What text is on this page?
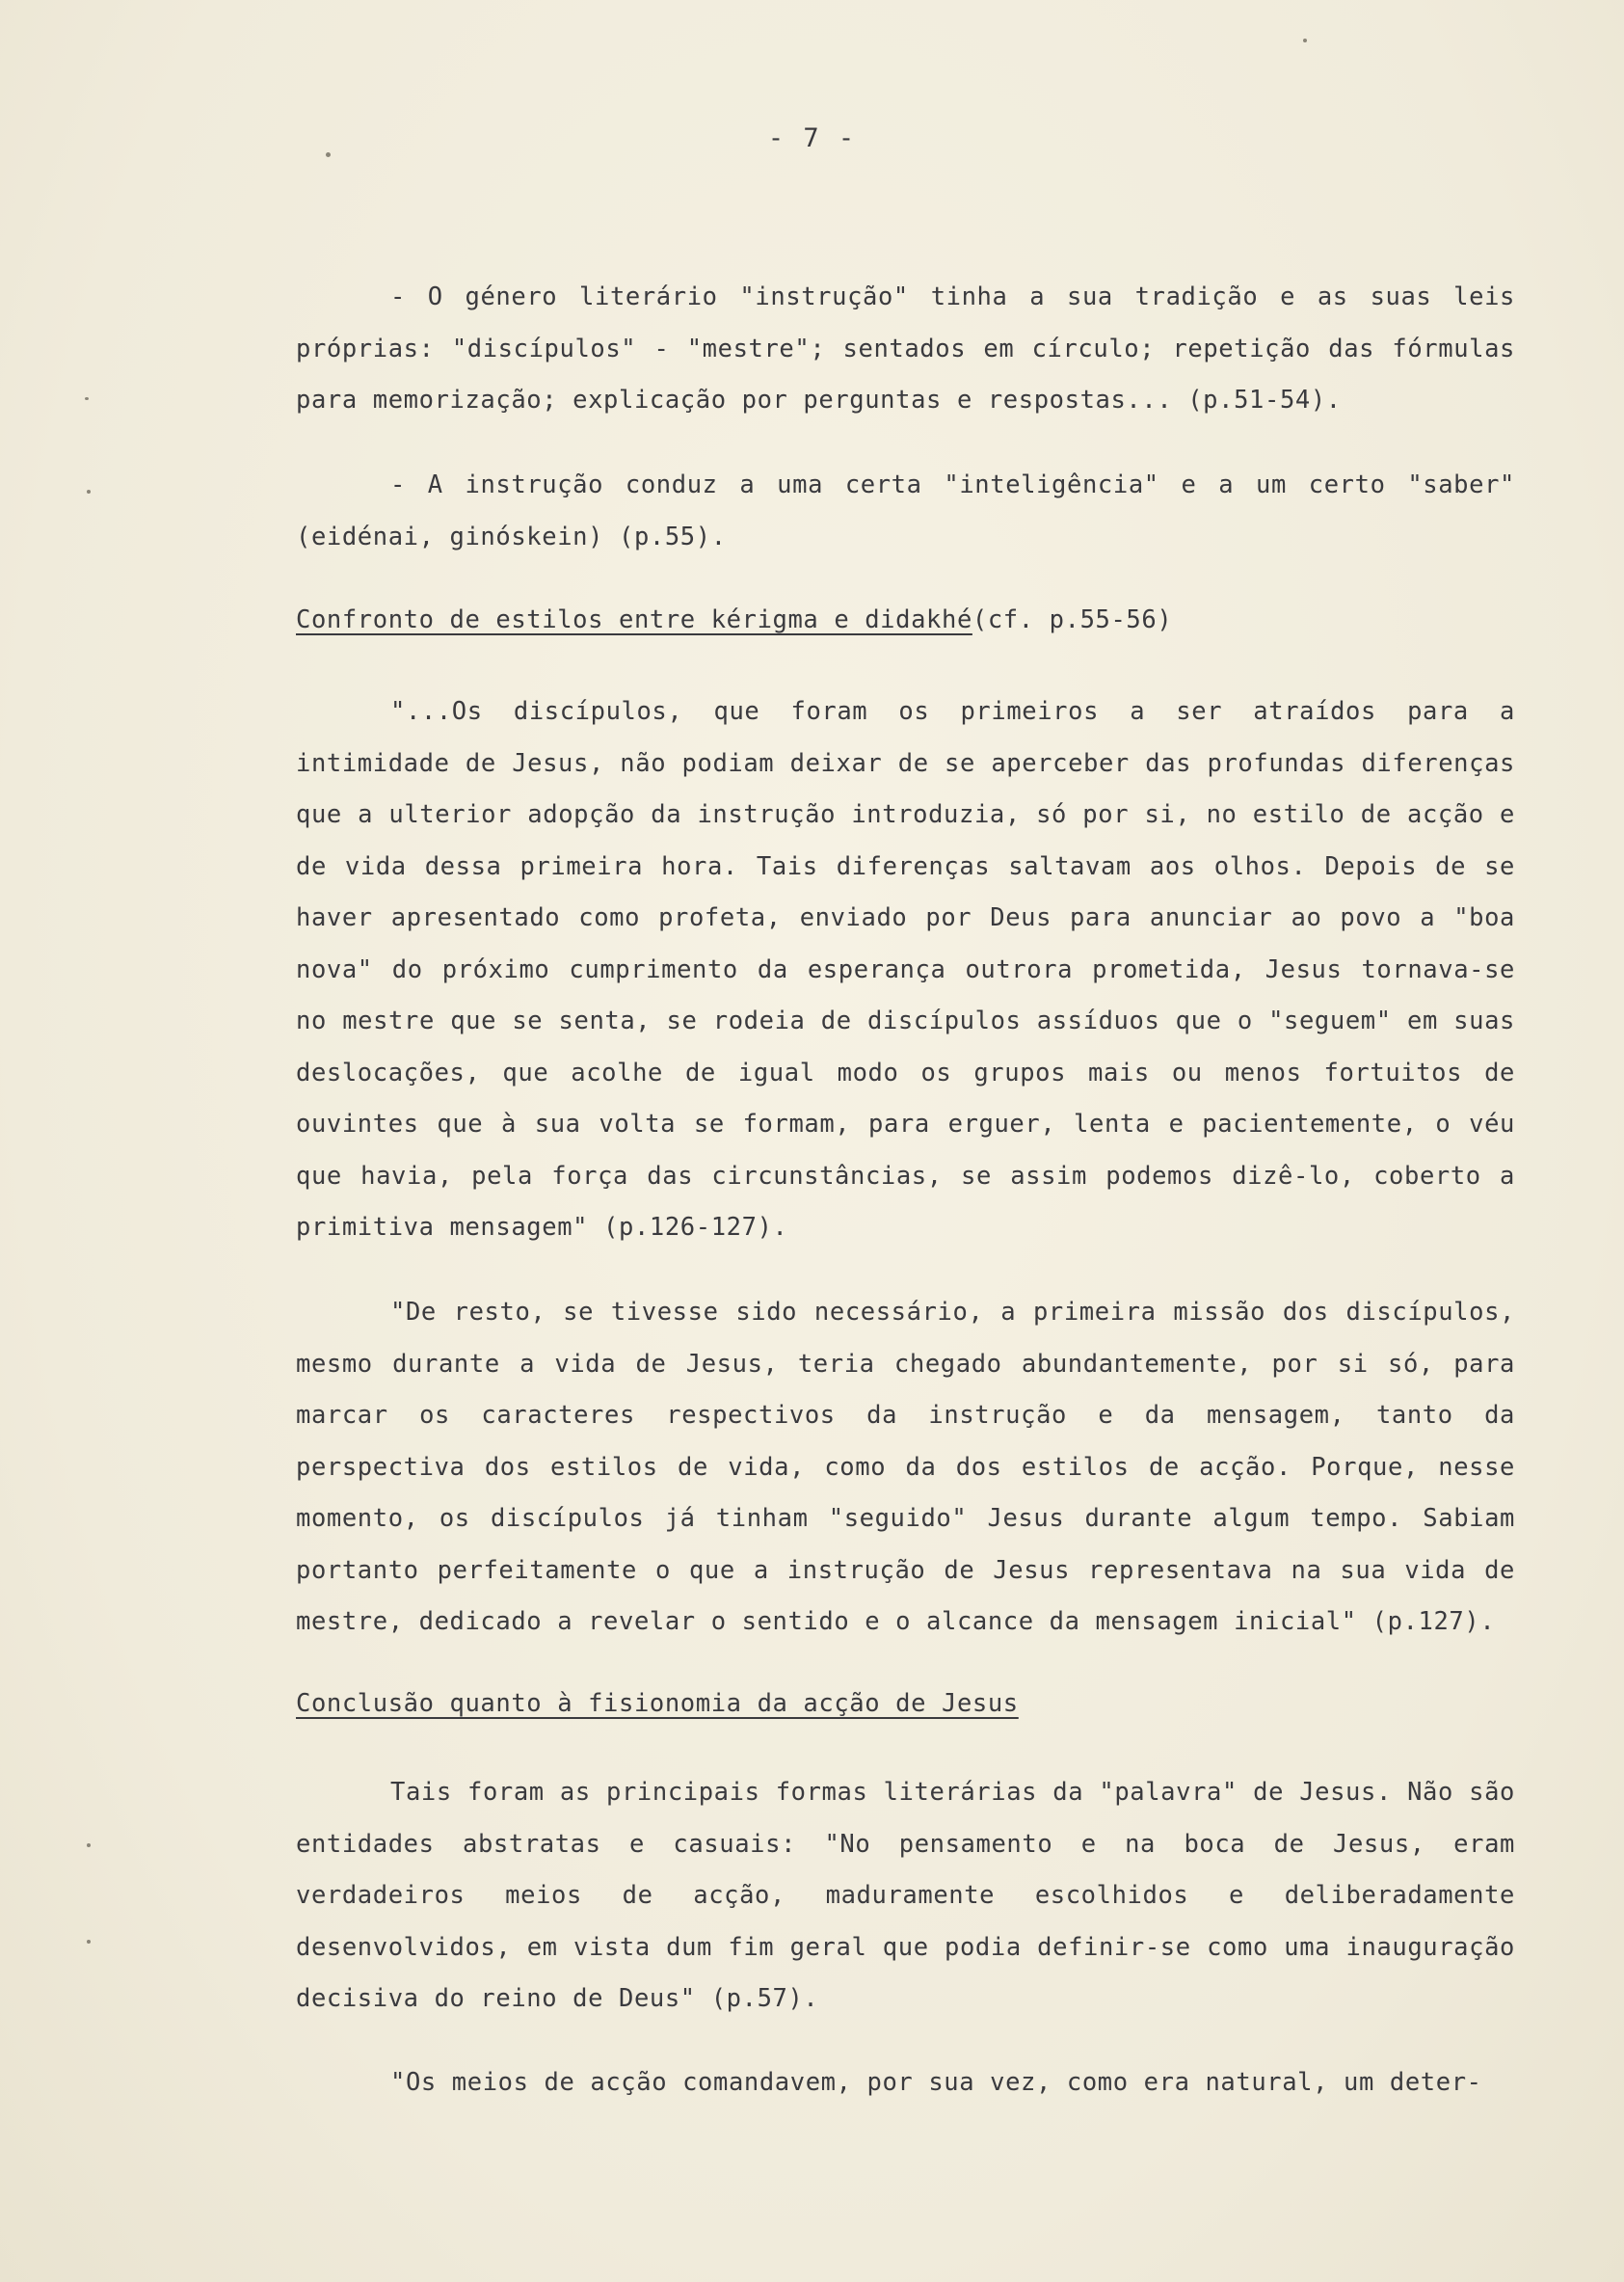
- 7 -

- O género literário "instrução" tinha a sua tradição e as suas leis próprias: "discípulos" - "mestre"; sentados em círculo; repetição das fórmulas para memorização; explicação por perguntas e respostas... (p.51-54).

- A instrução conduz a uma certa "inteligência" e a um certo "saber" (eidénai, ginóskein) (p.55).

Confronto de estilos entre kérigma e didakhé(cf. p.55-56)

"...Os discípulos, que foram os primeiros a ser atraídos para a intimidade de Jesus, não podiam deixar de se aperceber das profundas diferenças que a ulterior adopção da instrução introduzia, só por si, no estilo de acção e de vida dessa primeira hora. Tais diferenças saltavam aos olhos. Depois de se haver apresentado como profeta, enviado por Deus para anunciar ao povo a "boa nova" do próximo cumprimento da esperança outrora prometida, Jesus tornava-se no mestre que se senta, se rodeia de discípulos assíduos que o "seguem" em suas deslocações, que acolhe de igual modo os grupos mais ou menos fortuitos de ouvintes que à sua volta se formam, para erguer, lenta e pacientemente, o véu que havia, pela força das circunstâncias, se assim podemos dizê-lo, coberto a primitiva mensagem" (p.126-127).

"De resto, se tivesse sido necessário, a primeira missão dos discípulos, mesmo durante a vida de Jesus, teria chegado abundantemente, por si só, para marcar os caracteres respectivos da instrução e da mensagem, tanto da perspectiva dos estilos de vida, como da dos estilos de acção. Porque, nesse momento, os discípulos já tinham "seguido" Jesus durante algum tempo. Sabiam portanto perfeitamente o que a instrução de Jesus representava na sua vida de mestre, dedicado a revelar o sentido e o alcance da mensagem inicial" (p.127).

Conclusão quanto à fisionomia da acção de Jesus

Tais foram as principais formas literárias da "palavra" de Jesus. Não são entidades abstratas e casuais: "No pensamento e na boca de Jesus, eram verdadeiros meios de acção, maduramente escolhidos e deliberadamente desenvolvidos, em vista dum fim geral que podia definir-se como uma inauguração decisiva do reino de Deus" (p.57).

"Os meios de acção comandavem, por sua vez, como era natural, um deter-
